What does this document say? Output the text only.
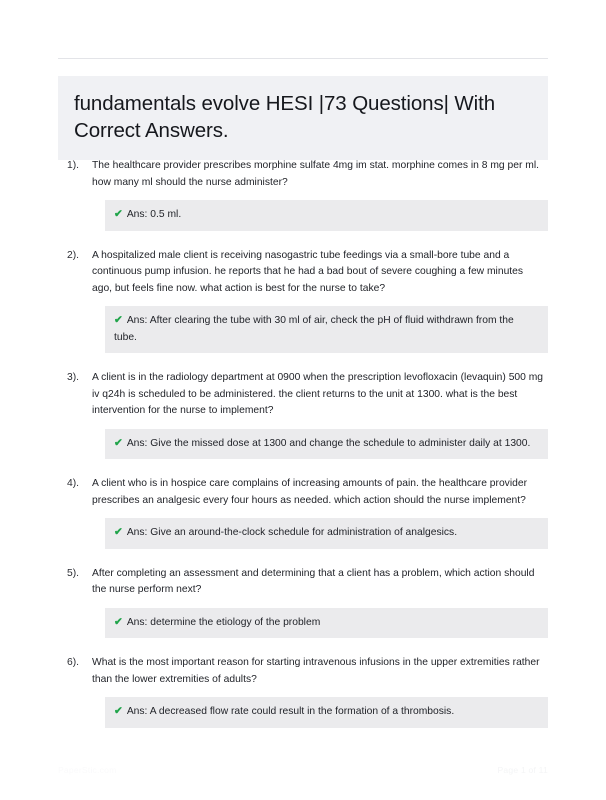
fundamentals evolve HESI |73 Questions| With Correct Answers.
1).	The healthcare provider prescribes morphine sulfate 4mg im stat. morphine comes in 8 mg per ml. how many ml should the nurse administer?
✔ Ans: 0.5 ml.
2).	A hospitalized male client is receiving nasogastric tube feedings via a small-bore tube and a continuous pump infusion. he reports that he had a bad bout of severe coughing a few minutes ago, but feels fine now. what action is best for the nurse to take?
✔ Ans: After clearing the tube with 30 ml of air, check the pH of fluid withdrawn from the tube.
3).	A client is in the radiology department at 0900 when the prescription levofloxacin (levaquin) 500 mg iv q24h is scheduled to be administered. the client returns to the unit at 1300. what is the best intervention for the nurse to implement?
✔ Ans: Give the missed dose at 1300 and change the schedule to administer daily at 1300.
4).	A client who is in hospice care complains of increasing amounts of pain. the healthcare provider prescribes an analgesic every four hours as needed. which action should the nurse implement?
✔ Ans: Give an around-the-clock schedule for administration of analgesics.
5).	After completing an assessment and determining that a client has a problem, which action should the nurse perform next?
✔ Ans: determine the etiology of the problem
6).	What is the most important reason for starting intravenous infusions in the upper extremities rather than the lower extremities of adults?
✔ Ans: A decreased flow rate could result in the formation of a thrombosis.
PaperStic.com	Page 1 of 11
